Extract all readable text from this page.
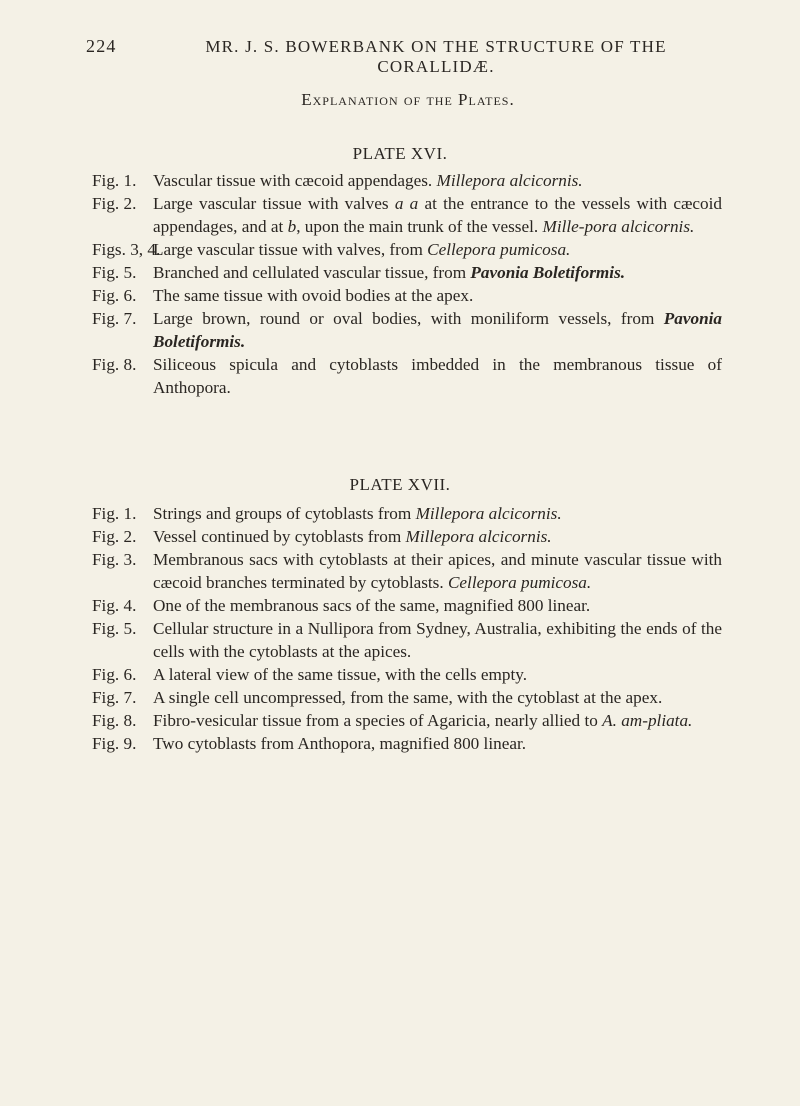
224	MR. J. S. BOWERBANK ON THE STRUCTURE OF THE CORALLIDÆ.
Explanation of the Plates.
PLATE XVI.
Fig. 1. Vascular tissue with cæcoid appendages. Millepora alcicornis.
Fig. 2. Large vascular tissue with valves a a at the entrance to the vessels with cæcoid appendages, and at b, upon the main trunk of the vessel. Mille-pora alcicornis.
Figs. 3, 4.
Large vascular tissue with valves, from Cellepora pumicosa.
Fig. 5. Branched and cellulated vascular tissue, from Pavonia Boletiformis.
Fig. 6. The same tissue with ovoid bodies at the apex.
Fig. 7. Large brown, round or oval bodies, with moniliform vessels, from Pavonia Boletiformis.
Fig. 8. Siliceous spicula and cytoblasts imbedded in the membranous tissue of Anthopora.
PLATE XVII.
Fig. 1. Strings and groups of cytoblasts from Millepora alcicornis.
Fig. 2. Vessel continued by cytoblasts from Millepora alcicornis.
Fig. 3. Membranous sacs with cytoblasts at their apices, and minute vascular tissue with cæcoid branches terminated by cytoblasts. Cellepora pumicosa.
Fig. 4. One of the membranous sacs of the same, magnified 800 linear.
Fig. 5. Cellular structure in a Nullipora from Sydney, Australia, exhibiting the ends of the cells with the cytoblasts at the apices.
Fig. 6. A lateral view of the same tissue, with the cells empty.
Fig. 7. A single cell uncompressed, from the same, with the cytoblast at the apex.
Fig. 8. Fibro-vesicular tissue from a species of Agaricia, nearly allied to A. am-pliata.
Fig. 9. Two cytoblasts from Anthopora, magnified 800 linear.
